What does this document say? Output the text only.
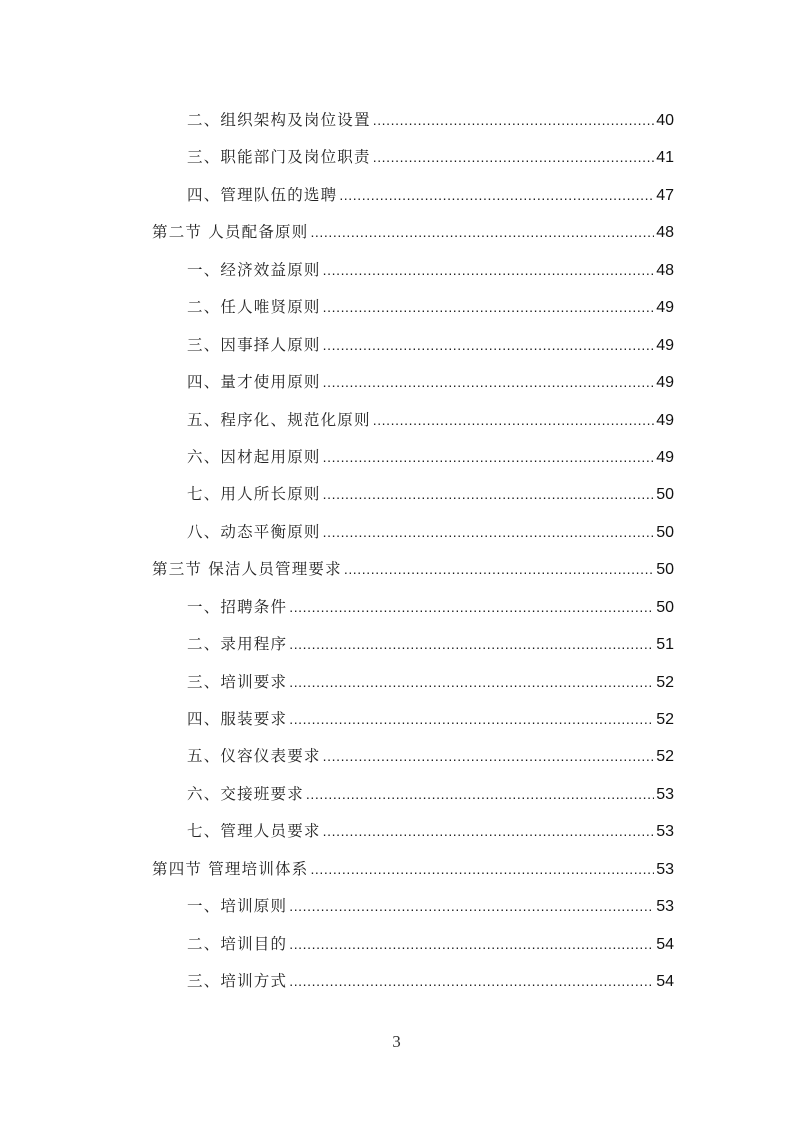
二、组织架构及岗位设置 .....	40
三、职能部门及岗位职责 .....	41
四、管理队伍的选聘 .....	47
第二节 人员配备原则 .....	48
一、经济效益原则 .....	48
二、任人唯贤原则 .....	49
三、因事择人原则 .....	49
四、量才使用原则 .....	49
五、程序化、规范化原则 .....	49
六、因材起用原则 .....	49
七、用人所长原则 .....	50
八、动态平衡原则 .....	50
第三节 保洁人员管理要求 .....	50
一、招聘条件 .....	50
二、录用程序 .....	51
三、培训要求 .....	52
四、服装要求 .....	52
五、仪容仪表要求 .....	52
六、交接班要求 .....	53
七、管理人员要求 .....	53
第四节 管理培训体系 .....	53
一、培训原则 .....	53
二、培训目的 .....	54
三、培训方式 .....	54
3
